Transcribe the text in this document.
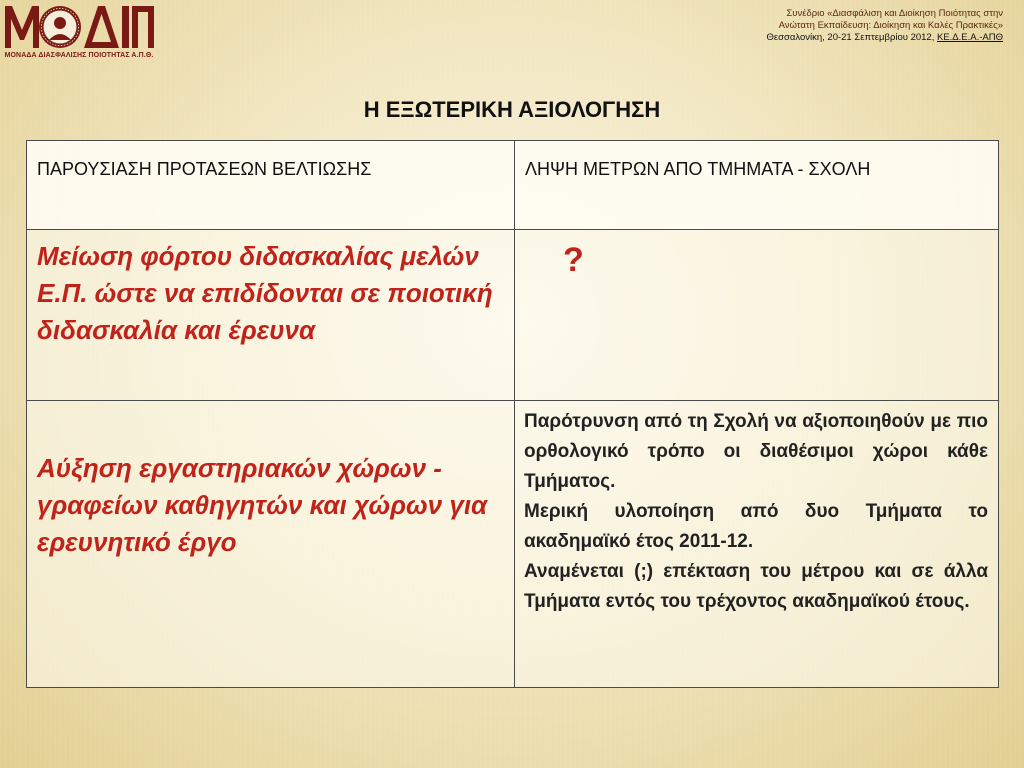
ΜΟΝΑΔΑ ΔΙΑΣΦΑΛΙΣΗΣ ΠΟΙΟΤΗΤΑΣ Α.Π.Θ.
Συνέδριο «Διασφάλιση και Διοίκηση Ποιότητας στην
Ανώτατη Εκπαίδευση: Διοίκηση και Καλές Πρακτικές»
Θεσσαλονίκη, 20-21 Σεπτεμβρίου 2012, ΚΕ.Δ.Ε.Α.-ΑΠΘ
Η ΕΞΩΤΕΡΙΚΗ ΑΞΙΟΛΟΓΗΣΗ
ΠΑΡΟΥΣΙΑΣΗ ΠΡΟΤΑΣΕΩΝ ΒΕΛΤΙΩΣΗΣ	ΛΗΨΗ ΜΕΤΡΩΝ ΑΠΟ ΤΜΗΜΑΤΑ - ΣΧΟΛΗ

Μείωση φόρτου διδασκαλίας μελών Ε.Π. ώστε να επιδίδονται σε ποιοτική διδασκαλία και έρευνα	?

Αύξηση εργαστηριακών χώρων - γραφείων καθηγητών και χώρων για ερευνητικό έργο	Παρότρυνση από τη Σχολή να αξιοποιηθούν με πιο ορθολογικό τρόπο οι διαθέσιμοι χώροι κάθε Τμήματος.
Μερική υλοποίηση από δυο Τμήματα το ακαδημαϊκό έτος 2011-12.
Αναμένεται (;) επέκταση του μέτρου και σε άλλα Τμήματα εντός του τρέχοντος ακαδημαϊκού έτους.
